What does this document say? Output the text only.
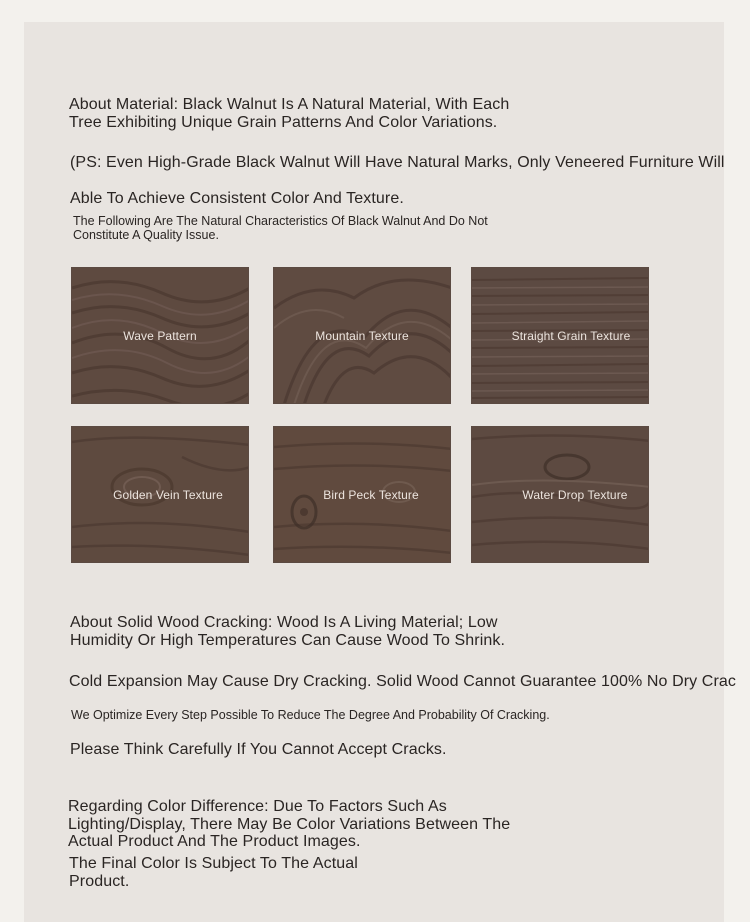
About Material: Black Walnut Is A Natural Material, With Each

Tree Exhibiting Unique Grain Patterns And Color Variations.

(PS: Even High-Grade Black Walnut Will Have Natural Marks, Only Veneered Furniture Will

Able To Achieve Consistent Color And Texture.

The Following Are The Natural Characteristics Of Black Walnut And Do Not

Constitute A Quality Issue.

Wave Pattern	Mountain Texture	Straight Grain Texture
Golden Vein Texture	Bird Peck Texture	Water Drop Texture

About Solid Wood Cracking: Wood Is A Living Material; Low

Humidity Or High Temperatures Can Cause Wood To Shrink.

Cold Expansion May Cause Dry Cracking. Solid Wood Cannot Guarantee 100% No Dry Crac

We Optimize Every Step Possible To Reduce The Degree And Probability Of Cracking.

Please Think Carefully If You Cannot Accept Cracks.

Regarding Color Difference: Due To Factors Such As

Lighting/Display, There May Be Color Variations Between The

Actual Product And The Product Images.

The Final Color Is Subject To The Actual

Product.
